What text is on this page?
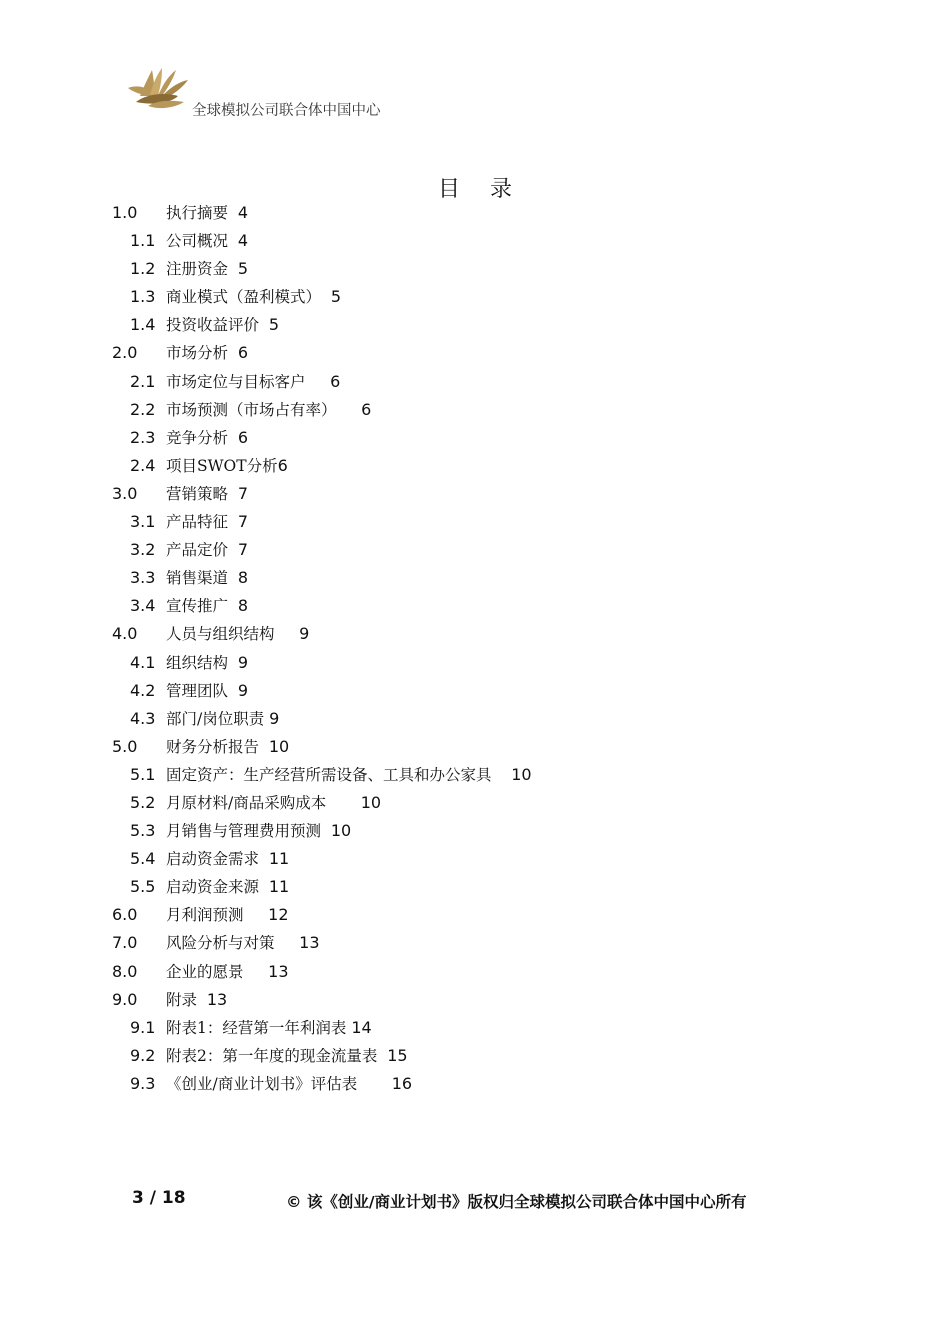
全球模拟公司联合体中国中心
目录
1.0 执行摘要 4
1.1 公司概况 4
1.2 注册资金 5
1.3 商业模式（盈利模式） 5
1.4 投资收益评价 5
2.0 市场分析 6
2.1 市场定位与目标客户 6
2.2 市场预测（市场占有率） 6
2.3 竞争分析 6
2.4 项目SWOT分析6
3.0 营销策略 7
3.1 产品特征 7
3.2 产品定价 7
3.3 销售渠道 8
3.4 宣传推广 8
4.0 人员与组织结构 9
4.1 组织结构 9
4.2 管理团队 9
4.3 部门/岗位职责 9
5.0 财务分析报告 10
5.1 固定资产：生产经营所需设备、工具和办公家具 10
5.2 月原材料/商品采购成本 10
5.3 月销售与管理费用预测 10
5.4 启动资金需求 11
5.5 启动资金来源 11
6.0 月利润预测 12
7.0 风险分析与对策 13
8.0 企业的愿景 13
9.0 附录 13
9.1 附表1：经营第一年利润表 14
9.2 附表2：第一年度的现金流量表 15
9.3 《创业/商业计划书》评估表 16
3 / 18	© 该《创业/商业计划书》版权归全球模拟公司联合体中国中心所有
